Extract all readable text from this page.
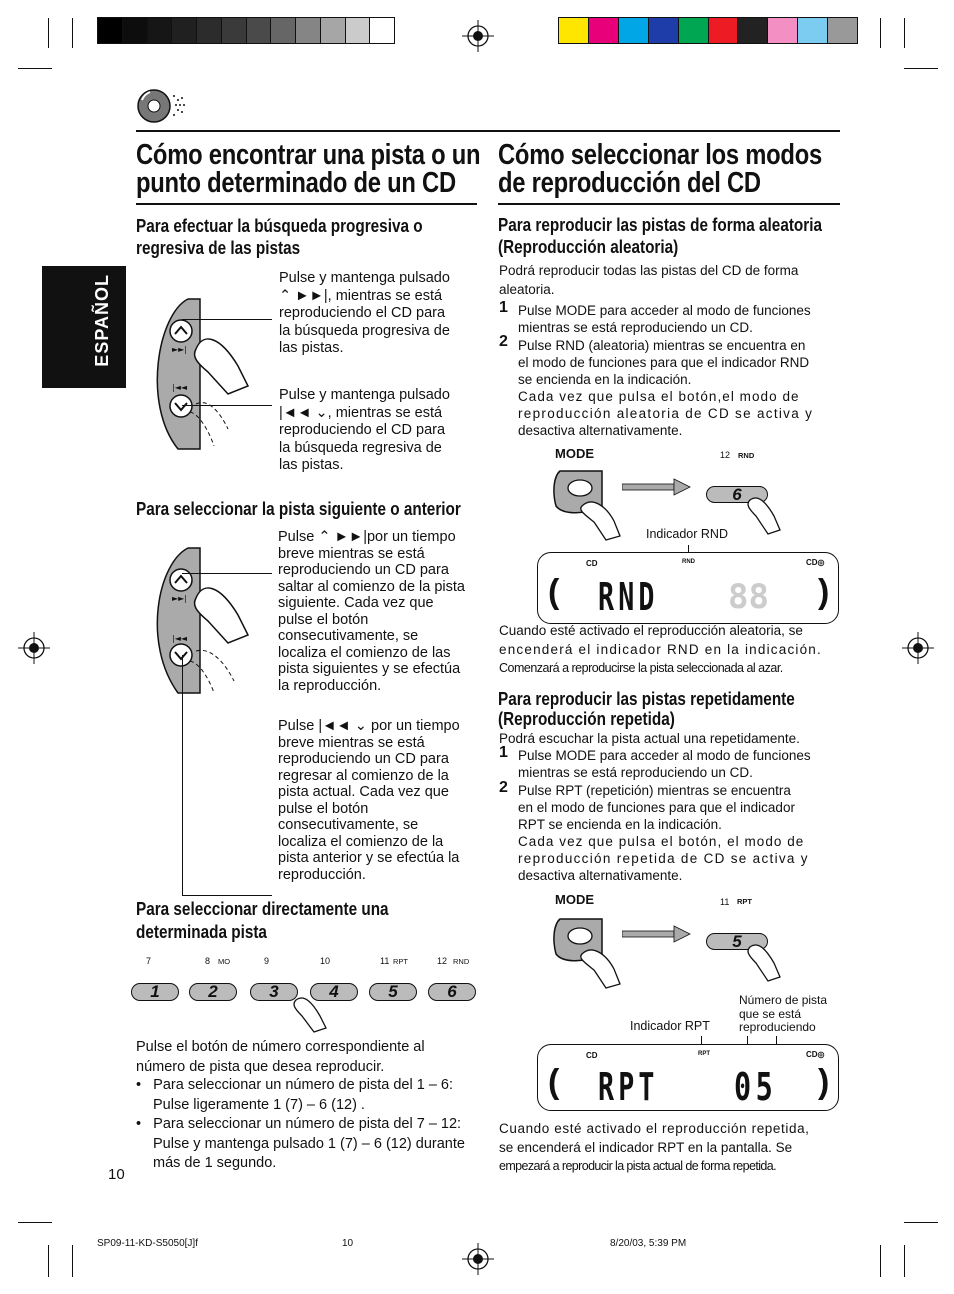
ESPAÑOL
Cómo encontrar una pista o un
punto determinado de un CD
Para efectuar la búsqueda progresiva o
regresiva de las pistas
►►|
|◄◄
Pulse y mantenga pulsado
⌃ ►►|, mientras se está
reproduciendo el CD para
la búsqueda progresiva de
las pistas.
Pulse y mantenga pulsado
|◄◄ ⌄, mientras se está
reproduciendo el CD para
la búsqueda regresiva de
las pistas.
Para seleccionar la pista siguiente o anterior
►►|
|◄◄
Pulse ⌃ ►►|por un tiempo
breve mientras se está
reproduciendo un CD para
saltar al comienzo de la pista
siguiente. Cada vez que
pulse el botón
consecutivamente, se
localiza el comienzo de las
pista siguientes y se efectúa
la reproducción.
Pulse |◄◄ ⌄ por un tiempo
breve mientras se está
reproduciendo un CD para
regresar al comienzo de la
pista actual. Cada vez que
pulse el botón
consecutivamente, se
localiza el comienzo de la
pista anterior y se efectúa la
reproducción.
Para seleccionar directamente una
determinada pista
7	8 MO	9	10	11 RPT	12 RND
1	2	3	4	5	6
Pulse el botón de número correspondiente al
número de pista que desea reproducir.
•   Para seleccionar un número de pista del 1 – 6:
Pulse ligeramente 1 (7) – 6 (12) .
•   Para seleccionar un número de pista del 7 – 12:
Pulse y mantenga pulsado 1 (7) – 6 (12) durante
más de 1 segundo.
10
Cómo seleccionar los modos
de reproducción del CD
Para reproducir las pistas de forma aleatoria
(Reproducción aleatoria)
Podrá reproducir todas las pistas del CD de forma
aleatoria.
1 Pulse MODE para acceder al modo de funciones
mientras se está reproduciendo un CD.
2 Pulse RND (aleatoria) mientras se encuentra en
el modo de funciones para que el indicador RND
se encienda en la indicación.
Cada vez que pulsa el botón,el modo de
reproducción aleatoria de CD se activa y
desactiva alternativamente.
MODE	12 RND
6
Indicador RND
CD	RND	CD◎
(	)
RND 88
Cuando esté activado el reproducción aleatoria, se
encenderá el indicador RND en la indicación.
Comenzará a reproducirse la pista seleccionada al azar.
Para reproducir las pistas repetidamente
(Reproducción repetida)
Podrá escuchar la pista actual una repetidamente.
1 Pulse MODE para acceder al modo de funciones
mientras se está reproduciendo un CD.
2 Pulse RPT (repetición) mientras se encuentra
en el modo de funciones para que el indicador
RPT se encienda en la indicación.
Cada vez que pulsa el botón, el modo de
reproducción repetida de CD se activa y
desactiva alternativamente.
MODE	11 RPT
5
Número de pista
que se está
reproduciendo
Indicador RPT
CD	RPT	CD◎
(	)
RPT 05
Cuando esté activado el reproducción repetida,
se encenderá el indicador RPT en la pantalla. Se
empezará a reproducir la pista actual de forma repetida.
SP09-11-KD-S5050[J]f	10	8/20/03, 5:39 PM
